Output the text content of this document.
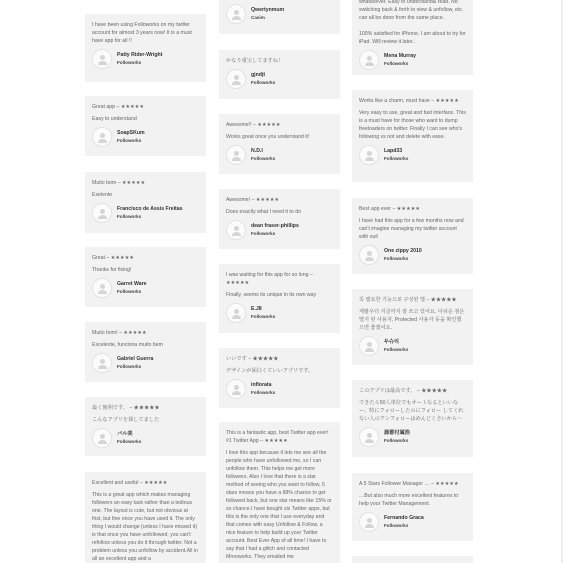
I have been using Followorks on my twitter account for almost 3 years now! It is a must have app for all !!
Patty Rider-Wright
Followorks
Great app – ★★★★★
Easy to understand
SoapSKum
Followorks
Muito bom – ★★★★★
Exelente
Francisco de Assis Freitas
Followorks
Great – ★★★★★
Thanks for fixing!
Garret Ware
Followorks
Muito bom! – ★★★★★
Excelente, funciona muito bem
Gabriel Guerra
Followorks
最く便利です。 – ★★★★★
こんなアプリを探してました
バル美
Followorks
Excellent and useful – ★★★★★
This is a great app which makes managing followers an easy task rather than a tedious one. The layout is cute, but not obvious at first, but fine once you have used it. The only thing I would change (unless I have missed it) is that once you have unfollowed, you can't refollow unless you do it through twitter. Not a problem unless you unfollow by accident.All in all an excellent app and a
Qwertynmum
Casim
かなり重宝してますね！
gjndjt
Followorks
Awesome!! – ★★★★★
Works great once you understand it!
N.D.I
Followorks
Awesome! – ★★★★★
Does exactly what I need it to do
dean fraser-phillips
Followorks
I was waiting for this app for so long – ★★★★★
Finally, seems its unique in its own way
E.J8
Followorks
いいです – ★★★★★
デザインが面白くていいアプリです。
inflorata
Followorks
This is a fantastic app, best Twitter app ever! #1 Twitter App – ★★★★★
I love this app because it lets me see all the people who have unfollowed me, so I can unfollow them. This helps me get more followers. Also I love that there is a star method of seeing who you want to follow, 5 stars means you have a 98% chance to get followed back, but one star means like 15% or so chance.I have bought six Twitter apps, but this is the only one that I use everyday and that comes with easy Unfollow & Follow, a nice feature to help build up your Twitter account. Best Ever App of all time! I have to say that I had a glitch and contacted Mrnoworks. They emailed me
whatsoever. Easy to understand& read. No switching back & forth to view & unfollow, etc. can all be done from the same place.

100% satisfied for iPhone. I am about to try for iPad. Will review it later..
Mena Murray
Followorks
Works like a charm, must have – ★★★★★
Very easy to use, great and fast interface. This is a must have for those who want to dump freeloaders on twitter. Finally I can see who's following vs not and delete with ease.
Lapd33
Followorks
Best app ever – ★★★★★
I have had this app for a few months now and can't imagine managing my twitter account with out!
One zippy 2010
Followorks
꼭 필요한 기능으로 구성된 앱 – ★★★★★
제팔우터 지금까지 잘 쓰고 있어요. 아쉬운 점은 멀지 된 사용자, Protected 사용자 등을 확인했으면 좋겠어요.
두슈리
Followorks
このアプリは最高です。 – ★★★★★
できたら50人単位でもオートなるといいなー。特にフォローしたのにフォロー してくれない人のアンフォローはめんどくさいから～
源郡付属浩
Followorks
A 5 Stars Follower Manager … – ★★★★★
…But also much more excellent features to help your Twitter Management.
Fernando Graca
Followorks
